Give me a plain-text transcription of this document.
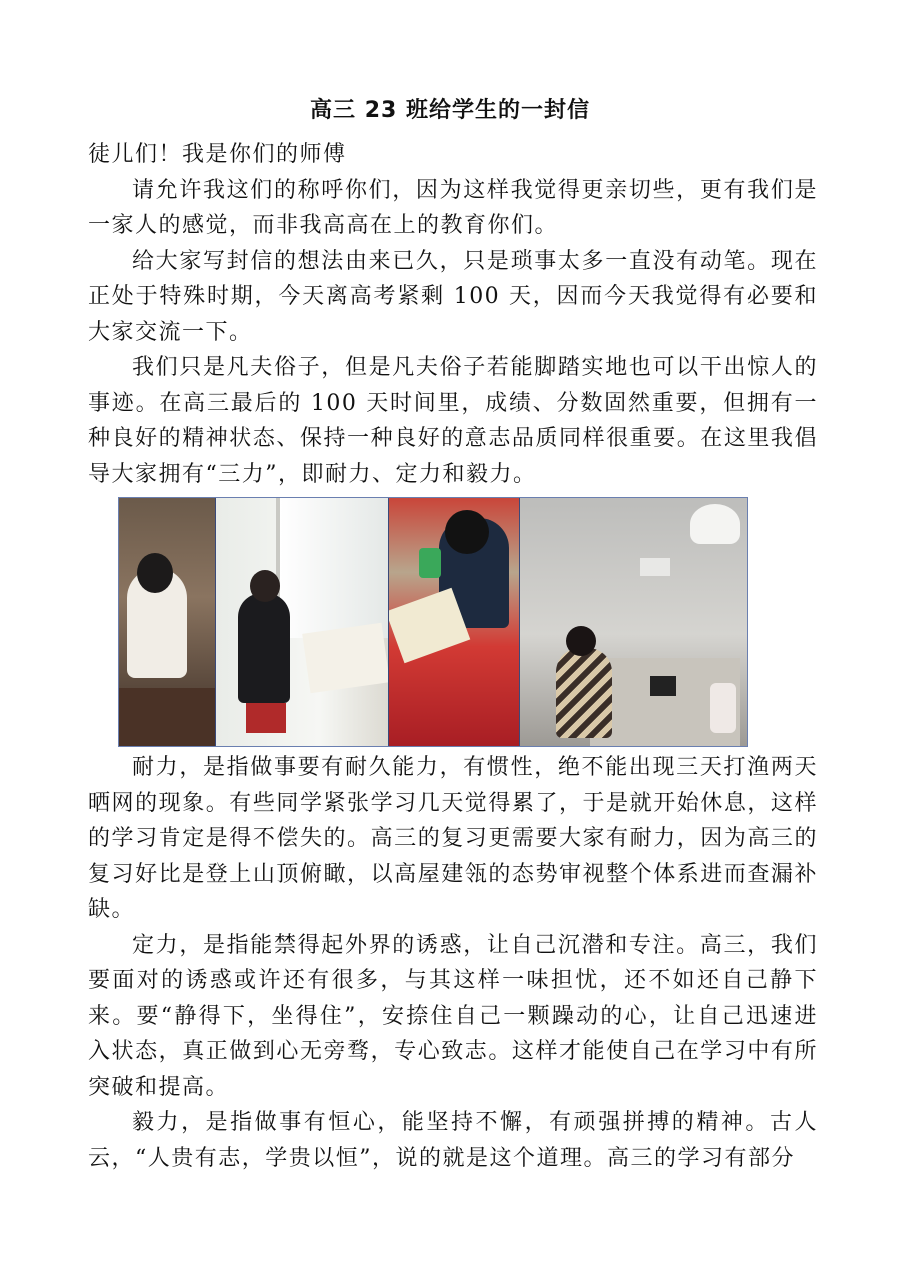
高三 23 班给学生的一封信

徒儿们！我是你们的师傅

请允许我这们的称呼你们，因为这样我觉得更亲切些，更有我们是一家人的感觉，而非我高高在上的教育你们。

给大家写封信的想法由来已久，只是琐事太多一直没有动笔。现在正处于特殊时期，今天离高考紧剩 100 天，因而今天我觉得有必要和大家交流一下。

我们只是凡夫俗子，但是凡夫俗子若能脚踏实地也可以干出惊人的事迹。在高三最后的 100 天时间里，成绩、分数固然重要，但拥有一种良好的精神状态、保持一种良好的意志品质同样很重要。在这里我倡导大家拥有“三力”，即耐力、定力和毅力。

耐力，是指做事要有耐久能力，有惯性，绝不能出现三天打渔两天晒网的现象。有些同学紧张学习几天觉得累了，于是就开始休息，这样的学习肯定是得不偿失的。高三的复习更需要大家有耐力，因为高三的复习好比是登上山顶俯瞰，以高屋建瓴的态势审视整个体系进而查漏补缺。

定力，是指能禁得起外界的诱惑，让自己沉潜和专注。高三，我们要面对的诱惑或许还有很多，与其这样一味担忧，还不如还自己静下来。要“静得下，坐得住”，安捺住自己一颗躁动的心，让自己迅速进入状态，真正做到心无旁骛，专心致志。这样才能使自己在学习中有所突破和提高。

毅力，是指做事有恒心，能坚持不懈，有顽强拼搏的精神。古人云，“人贵有志，学贵以恒”，说的就是这个道理。高三的学习有部分
